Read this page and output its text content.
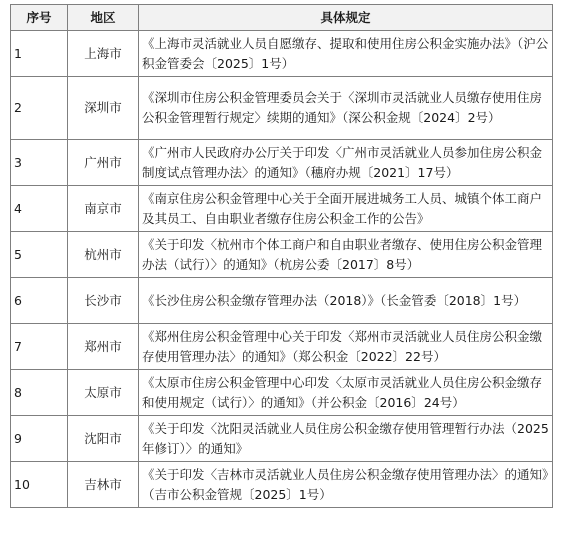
序号	地区	具体规定
1	上海市	《上海市灵活就业人员自愿缴存、提取和使用住房公积金实施办法》（沪公积金管委会〔2025〕1号）
2	深圳市	《深圳市住房公积金管理委员会关于〈深圳市灵活就业人员缴存使用住房公积金管理暂行规定〉续期的通知》（深公积金规〔2024〕2号）
3	广州市	《广州市人民政府办公厅关于印发〈广州市灵活就业人员参加住房公积金制度试点管理办法〉的通知》（穗府办规〔2021〕17号）
4	南京市	《南京住房公积金管理中心关于全面开展进城务工人员、城镇个体工商户及其员工、自由职业者缴存住房公积金工作的公告》
5	杭州市	《关于印发〈杭州市个体工商户和自由职业者缴存、使用住房公积金管理办法（试行）〉的通知》（杭房公委〔2017〕8号）
6	长沙市	《长沙住房公积金缴存管理办法（2018）》（长金管委〔2018〕1号）
7	郑州市	《郑州住房公积金管理中心关于印发〈郑州市灵活就业人员住房公积金缴存使用管理办法〉的通知》（郑公积金〔2022〕22号）
8	太原市	《太原市住房公积金管理中心印发〈太原市灵活就业人员住房公积金缴存和使用规定（试行）〉的通知》（并公积金〔2016〕24号）
9	沈阳市	《关于印发〈沈阳灵活就业人员住房公积金缴存使用管理暂行办法（2025年修订）〉的通知》
10	吉林市	《关于印发〈吉林市灵活就业人员住房公积金缴存使用管理办法〉的通知》（吉市公积金管规〔2025〕1号）
